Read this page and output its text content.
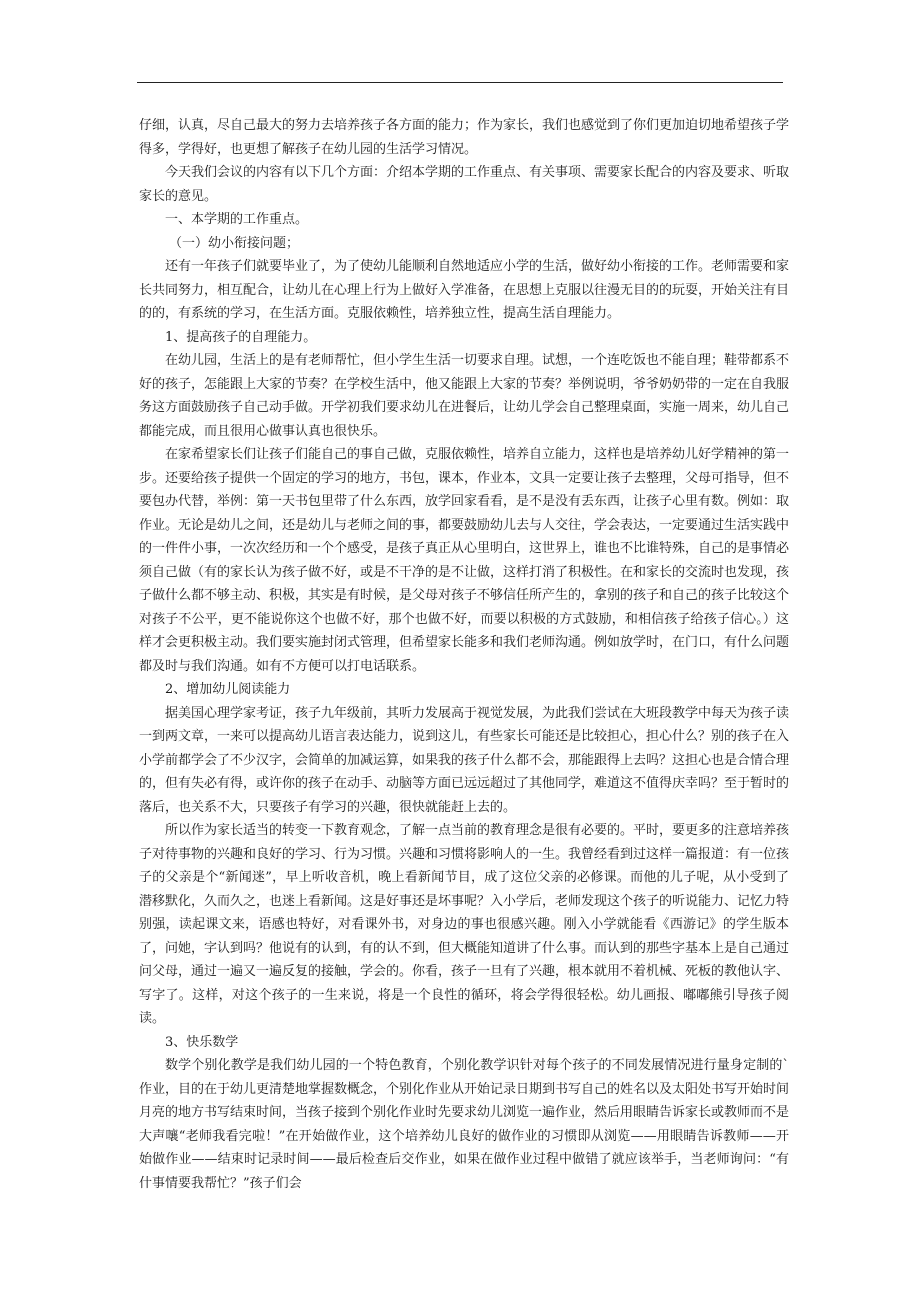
仔细，认真，尽自己最大的努力去培养孩子各方面的能力；作为家长，我们也感觉到了你们更加迫切地希望孩子学得多，学得好，也更想了解孩子在幼儿园的生活学习情况。

今天我们会议的内容有以下几个方面：介绍本学期的工作重点、有关事项、需要家长配合的内容及要求、听取家长的意见。

一、本学期的工作重点。

（一）幼小衔接问题；

还有一年孩子们就要毕业了，为了使幼儿能顺利自然地适应小学的生活，做好幼小衔接的工作。老师需要和家长共同努力，相互配合，让幼儿在心理上行为上做好入学准备，在思想上克服以往漫无目的的玩耍，开始关注有目的的，有系统的学习，在生活方面。克服依赖性，培养独立性，提高生活自理能力。

1、提高孩子的自理能力。

在幼儿园，生活上的是有老师帮忙，但小学生生活一切要求自理。试想，一个连吃饭也不能自理；鞋带都系不好的孩子，怎能跟上大家的节奏？在学校生活中，他又能跟上大家的节奏？举例说明，爷爷奶奶带的一定在自我服务这方面鼓励孩子自己动手做。开学初我们要求幼儿在进餐后，让幼儿学会自己整理桌面，实施一周来，幼儿自己都能完成，而且很用心做事认真也很快乐。

在家希望家长们让孩子们能自己的事自己做，克服依赖性，培养自立能力，这样也是培养幼儿好学精神的第一步。还要给孩子提供一个固定的学习的地方，书包，课本，作业本，文具一定要让孩子去整理，父母可指导，但不要包办代替，举例：第一天书包里带了什么东西，放学回家看看，是不是没有丢东西，让孩子心里有数。例如：取作业。无论是幼儿之间，还是幼儿与老师之间的事，都要鼓励幼儿去与人交往，学会表达，一定要通过生活实践中的一件件小事，一次次经历和一个个感受，是孩子真正从心里明白，这世界上，谁也不比谁特殊，自己的是事情必须自己做（有的家长认为孩子做不好，或是不干净的是不让做，这样打消了积极性。在和家长的交流时也发现，孩子做什么都不够主动、积极，其实是有时候，是父母对孩子不够信任所产生的，拿别的孩子和自己的孩子比较这个对孩子不公平，更不能说你这个也做不好，那个也做不好，而要以积极的方式鼓励，和相信孩子给孩子信心。）这样才会更积极主动。我们要实施封闭式管理，但希望家长能多和我们老师沟通。例如放学时，在门口，有什么问题都及时与我们沟通。如有不方便可以打电话联系。

2、增加幼儿阅读能力

据美国心理学家考证，孩子九年级前，其听力发展高于视觉发展，为此我们尝试在大班段教学中每天为孩子读一到两文章，一来可以提高幼儿语言表达能力，说到这儿，有些家长可能还是比较担心，担心什么？别的孩子在入小学前都学会了不少汉字，会简单的加减运算，如果我的孩子什么都不会，那能跟得上去吗？这担心也是合情合理的，但有失必有得，或许你的孩子在动手、动脑等方面已远远超过了其他同学，难道这不值得庆幸吗？至于暂时的落后，也关系不大，只要孩子有学习的兴趣，很快就能赶上去的。

所以作为家长适当的转变一下教育观念，了解一点当前的教育理念是很有必要的。平时，要更多的注意培养孩子对待事物的兴趣和良好的学习、行为习惯。兴趣和习惯将影响人的一生。我曾经看到过这样一篇报道：有一位孩子的父亲是个“新闻迷”，早上听收音机，晚上看新闻节目，成了这位父亲的必修课。而他的儿子呢，从小受到了潜移默化，久而久之，也迷上看新闻。这是好事还是坏事呢？入小学后，老师发现这个孩子的听说能力、记忆力特别强，读起课文来，语感也特好，对看课外书，对身边的事也很感兴趣。刚入小学就能看《西游记》的学生版本了，问她，字认到吗？他说有的认到，有的认不到，但大概能知道讲了什么事。而认到的那些字基本上是自己通过问父母，通过一遍又一遍反复的接触，学会的。你看，孩子一旦有了兴趣，根本就用不着机械、死板的教他认字、写字了。这样，对这个孩子的一生来说，将是一个良性的循环，将会学得很轻松。幼儿画报、嘟嘟熊引导孩子阅读。

3、快乐数学

数学个别化教学是我们幼儿园的一个特色教育，个别化教学识针对每个孩子的不同发展情况进行量身定制的`作业，目的在于幼儿更清楚地掌握数概念，个别化作业从开始记录日期到书写自己的姓名以及太阳处书写开始时间月亮的地方书写结束时间，当孩子接到个别化作业时先要求幼儿浏览一遍作业，然后用眼睛告诉家长或教师而不是大声嚷“老师我看完啦！”在开始做作业，这个培养幼儿良好的做作业的习惯即从浏览——用眼睛告诉教师——开始做作业——结束时记录时间——最后检查后交作业，如果在做作业过程中做错了就应该举手，当老师询问：“有什事情要我帮忙？”孩子们会
